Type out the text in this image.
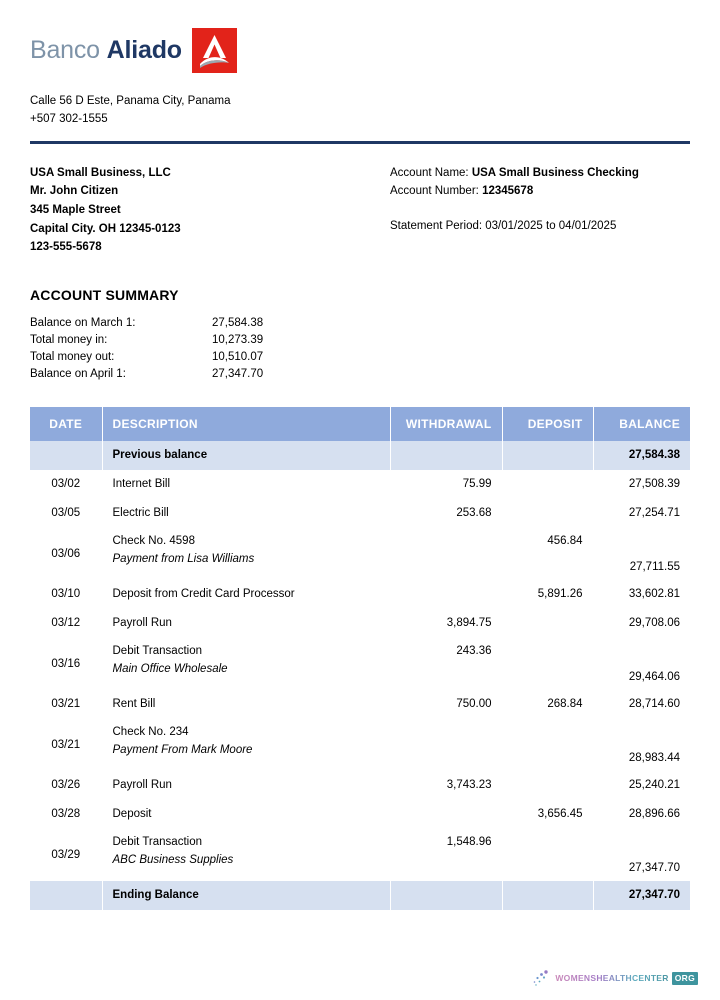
Banco Aliado
Calle 56 D Este, Panama City, Panama
+507 302-1555
USA Small Business, LLC
Mr. John Citizen
345 Maple Street
Capital City. OH 12345-0123
123-555-5678
Account Name: USA Small Business Checking
Account Number: 12345678
Statement Period: 03/01/2025 to 04/01/2025
ACCOUNT SUMMARY
Balance on March 1:	27,584.38
Total money in:	10,273.39
Total money out:	10,510.07
Balance on April 1:	27,347.70
DATE	DESCRIPTION	WITHDRAWAL	DEPOSIT	BALANCE
	Previous balance			27,584.38
03/02	Internet Bill	75.99		27,508.39
03/05	Electric Bill	253.68		27,254.71
03/06	Check No. 4598
Payment from Lisa Williams		456.84	27,711.55
03/10	Deposit from Credit Card Processor		5,891.26	33,602.81
03/12	Payroll Run	3,894.75		29,708.06
03/16	Debit Transaction
Main Office Wholesale	243.36		29,464.06
03/21	Rent Bill	750.00	268.84	28,714.60
03/21	Check No. 234
Payment From Mark Moore			28,983.44
03/26	Payroll Run	3,743.23		25,240.21
03/28	Deposit		3,656.45	28,896.66
03/29	Debit Transaction
ABC Business Supplies	1,548.96		27,347.70
	Ending Balance			27,347.70
WOMENSHEALTHCENTER ORG
